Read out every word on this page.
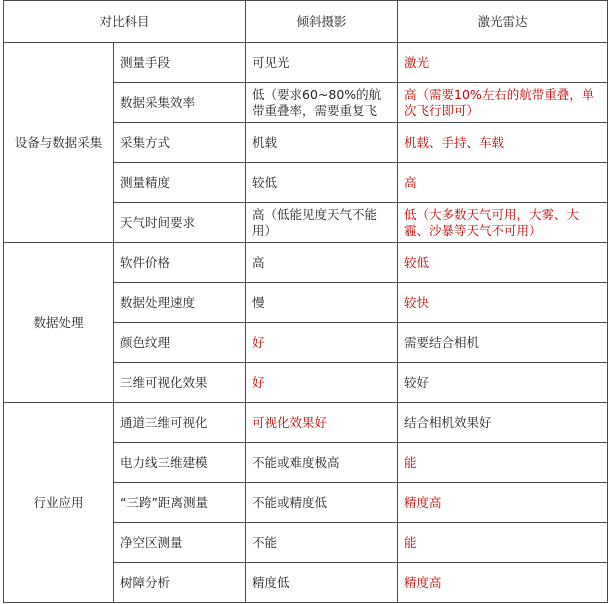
对比科目		倾斜摄影	激光雷达
设备与数据采集	测量手段	可见光	激光
	数据采集效率	低（要求60~80%的航带重叠率，需要重复飞	高（需要10%左右的航带重叠，单次飞行即可）
	采集方式	机载	机载、手持、车载
	测量精度	较低	高
	天气时间要求	高（低能见度天气不能用）	低（大多数天气可用，大雾、大霾、沙暴等天气不可用）
数据处理	软件价格	高	较低
	数据处理速度	慢	较快
	颜色纹理	好	需要结合相机
	三维可视化效果	好	较好
行业应用	通道三维可视化	可视化效果好	结合相机效果好
	电力线三维建模	不能或难度极高	能
	“三跨”距离测量	不能或精度低	精度高
	净空区测量	不能	能
	树障分析	精度低	精度高
